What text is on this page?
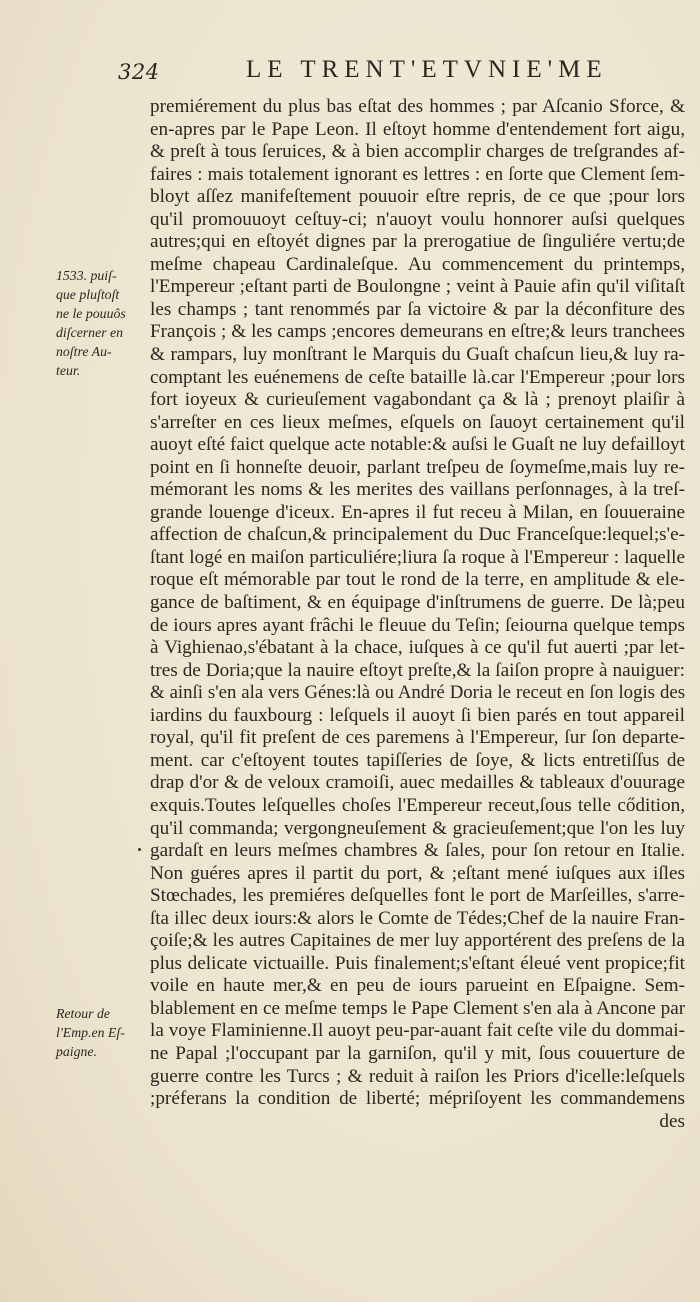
324	LE TRENT'ETVNIE'ME
1533. puiſ-
que pluſtoſt
ne le pouuôs
diſcerner en
noſtre Au-
teur.
Retour de
l'Emp.en Eſ-
paigne.
premiérement du plus bas eſtat des hommes ; par Aſcanio Sforce, &
en-apres par le Pape Leon. Il eſtoyt homme d'entendement fort aigu,
& preſt à tous ſeruices, & à bien accomplir charges de treſgrandes af-
faires : mais totalement ignorant es lettres : en ſorte que Clement ſem-
bloyt aſſez manifeſtement pouuoir eſtre repris, de ce que ;pour lors
qu'il promouuoyt ceſtuy-ci; n'auoyt voulu honnorer auſsi quelques
autres;qui en eſtoyét dignes par la prerogatiue de ſinguliére vertu;de
meſme chapeau Cardinaleſque. Au commencement du printemps,
l'Empereur ;eſtant parti de Boulongne ; veint à Pauie afin qu'il viſitaſt
les champs ; tant renommés par ſa victoire & par la déconfiture des
François ; & les camps ;encores demeurans en eſtre;& leurs tranchees
& rampars, luy monſtrant le Marquis du Guaſt chaſcun lieu,& luy ra-
comptant les euénemens de ceſte bataille là.car l'Empereur ;pour lors
fort ioyeux & curieuſement vagabondant ça & là ; prenoyt plaiſir à
s'arreſter en ces lieux meſmes, eſquels on ſauoyt certainement qu'il
auoyt eſté faict quelque acte notable:& auſsi le Guaſt ne luy defailloyt
point en ſi honneſte deuoir, parlant treſpeu de ſoymeſme,mais luy re-
mémorant les noms & les merites des vaillans perſonnages, à la treſ-
grande louenge d'iceux. En-apres il fut receu à Milan, en ſouueraine
affection de chaſcun,& principalement du Duc Franceſque:lequel;s'e-
ſtant logé en maiſon particuliére;liura ſa roque à l'Empereur : laquelle
roque eſt mémorable par tout le rond de la terre, en amplitude & ele-
gance de baſtiment, & en équipage d'inſtrumens de guerre. De là;peu
de iours apres ayant frâchi le fleuue du Teſin; ſeiourna quelque temps
à Vighienao,s'ébatant à la chace, iuſques à ce qu'il fut auerti ;par let-
tres de Doria;que la nauire eſtoyt preſte,& la ſaiſon propre à nauiguer:
& ainſi s'en ala vers Génes:là ou André Doria le receut en ſon logis des
iardins du fauxbourg : leſquels il auoyt ſi bien parés en tout appareil
royal, qu'il fit preſent de ces paremens à l'Empereur, ſur ſon departe-
ment. car c'eſtoyent toutes tapiſſeries de ſoye, & licts entretiſſus de
drap d'or & de veloux cramoiſi, auec medailles & tableaux d'ouurage
exquis.Toutes leſquelles choſes l'Empereur receut,ſous telle cődition,
qu'il commanda; vergongneuſement & gracieuſement;que l'on les luy
gardaſt en leurs meſmes chambres & ſales, pour ſon retour en Italie.
Non guéres apres il partit du port, & ;eſtant mené iuſques aux iſles
Stœchades, les premiéres deſquelles font le port de Marſeilles, s'arre-
ſta illec deux iours:& alors le Comte de Tédes;Chef de la nauire Fran-
çoiſe;& les autres Capitaines de mer luy apportérent des preſens de la
plus delicate victuaille. Puis finalement;s'eſtant éleué vent propice;fit
voile en haute mer,& en peu de iours parueint en Eſpaigne. Sem-
blablement en ce meſme temps le Pape Clement s'en ala à Ancone par
la voye Flaminienne.Il auoyt peu-par-auant fait ceſte vile du dommai-
ne Papal ;l'occupant par la garniſon, qu'il y mit, ſous couuerture de
guerre contre les Turcs ; & reduit à raiſon les Priors d'icelle:leſquels
;préferans la condition de liberté; mépriſoyent les commandemens
des
